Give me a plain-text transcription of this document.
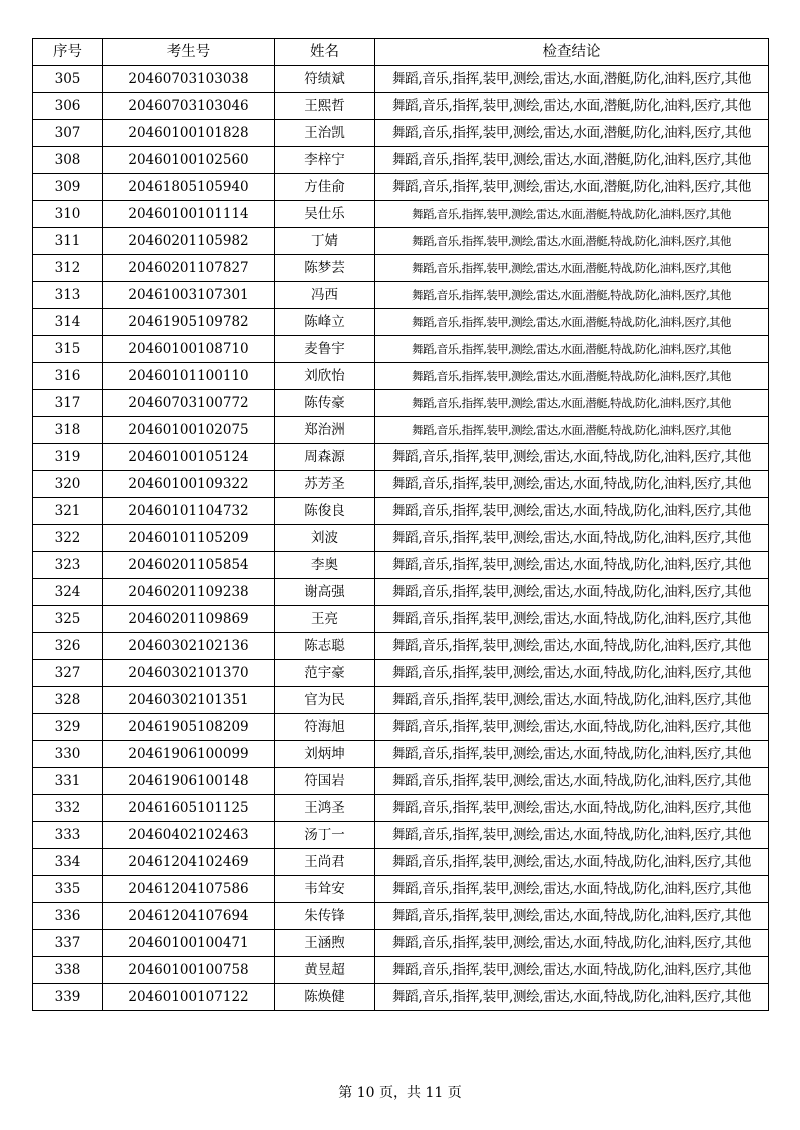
序号	考生号	姓名	检查结论
305	20460703103038	符绩斌	舞蹈,音乐,指挥,装甲,测绘,雷达,水面,潜艇,防化,油料,医疗,其他
306	20460703103046	王熙哲	舞蹈,音乐,指挥,装甲,测绘,雷达,水面,潜艇,防化,油料,医疗,其他
307	20460100101828	王治凯	舞蹈,音乐,指挥,装甲,测绘,雷达,水面,潜艇,防化,油料,医疗,其他
308	20460100102560	李梓宁	舞蹈,音乐,指挥,装甲,测绘,雷达,水面,潜艇,防化,油料,医疗,其他
309	20461805105940	方佳俞	舞蹈,音乐,指挥,装甲,测绘,雷达,水面,潜艇,防化,油料,医疗,其他
310	20460100101114	吴仕乐	舞蹈,音乐,指挥,装甲,测绘,雷达,水面,潜艇,特战,防化,油料,医疗,其他
311	20460201105982	丁婧	舞蹈,音乐,指挥,装甲,测绘,雷达,水面,潜艇,特战,防化,油料,医疗,其他
312	20460201107827	陈梦芸	舞蹈,音乐,指挥,装甲,测绘,雷达,水面,潜艇,特战,防化,油料,医疗,其他
313	20461003107301	冯西	舞蹈,音乐,指挥,装甲,测绘,雷达,水面,潜艇,特战,防化,油料,医疗,其他
314	20461905109782	陈峰立	舞蹈,音乐,指挥,装甲,测绘,雷达,水面,潜艇,特战,防化,油料,医疗,其他
315	20460100108710	麦鲁宇	舞蹈,音乐,指挥,装甲,测绘,雷达,水面,潜艇,特战,防化,油料,医疗,其他
316	20460101100110	刘欣怡	舞蹈,音乐,指挥,装甲,测绘,雷达,水面,潜艇,特战,防化,油料,医疗,其他
317	20460703100772	陈传豪	舞蹈,音乐,指挥,装甲,测绘,雷达,水面,潜艇,特战,防化,油料,医疗,其他
318	20460100102075	郑治洲	舞蹈,音乐,指挥,装甲,测绘,雷达,水面,潜艇,特战,防化,油料,医疗,其他
319	20460100105124	周森源	舞蹈,音乐,指挥,装甲,测绘,雷达,水面,特战,防化,油料,医疗,其他
320	20460100109322	苏芳圣	舞蹈,音乐,指挥,装甲,测绘,雷达,水面,特战,防化,油料,医疗,其他
321	20460101104732	陈俊良	舞蹈,音乐,指挥,装甲,测绘,雷达,水面,特战,防化,油料,医疗,其他
322	20460101105209	刘波	舞蹈,音乐,指挥,装甲,测绘,雷达,水面,特战,防化,油料,医疗,其他
323	20460201105854	李奥	舞蹈,音乐,指挥,装甲,测绘,雷达,水面,特战,防化,油料,医疗,其他
324	20460201109238	谢高强	舞蹈,音乐,指挥,装甲,测绘,雷达,水面,特战,防化,油料,医疗,其他
325	20460201109869	王亮	舞蹈,音乐,指挥,装甲,测绘,雷达,水面,特战,防化,油料,医疗,其他
326	20460302102136	陈志聪	舞蹈,音乐,指挥,装甲,测绘,雷达,水面,特战,防化,油料,医疗,其他
327	20460302101370	范宇豪	舞蹈,音乐,指挥,装甲,测绘,雷达,水面,特战,防化,油料,医疗,其他
328	20460302101351	官为民	舞蹈,音乐,指挥,装甲,测绘,雷达,水面,特战,防化,油料,医疗,其他
329	20461905108209	符海旭	舞蹈,音乐,指挥,装甲,测绘,雷达,水面,特战,防化,油料,医疗,其他
330	20461906100099	刘炳坤	舞蹈,音乐,指挥,装甲,测绘,雷达,水面,特战,防化,油料,医疗,其他
331	20461906100148	符国岩	舞蹈,音乐,指挥,装甲,测绘,雷达,水面,特战,防化,油料,医疗,其他
332	20461605101125	王鸿圣	舞蹈,音乐,指挥,装甲,测绘,雷达,水面,特战,防化,油料,医疗,其他
333	20460402102463	汤丁一	舞蹈,音乐,指挥,装甲,测绘,雷达,水面,特战,防化,油料,医疗,其他
334	20461204102469	王尚君	舞蹈,音乐,指挥,装甲,测绘,雷达,水面,特战,防化,油料,医疗,其他
335	20461204107586	韦耸安	舞蹈,音乐,指挥,装甲,测绘,雷达,水面,特战,防化,油料,医疗,其他
336	20461204107694	朱传锋	舞蹈,音乐,指挥,装甲,测绘,雷达,水面,特战,防化,油料,医疗,其他
337	20460100100471	王涵煦	舞蹈,音乐,指挥,装甲,测绘,雷达,水面,特战,防化,油料,医疗,其他
338	20460100100758	黄昱超	舞蹈,音乐,指挥,装甲,测绘,雷达,水面,特战,防化,油料,医疗,其他
339	20460100107122	陈焕健	舞蹈,音乐,指挥,装甲,测绘,雷达,水面,特战,防化,油料,医疗,其他
第 10 页，共 11 页
